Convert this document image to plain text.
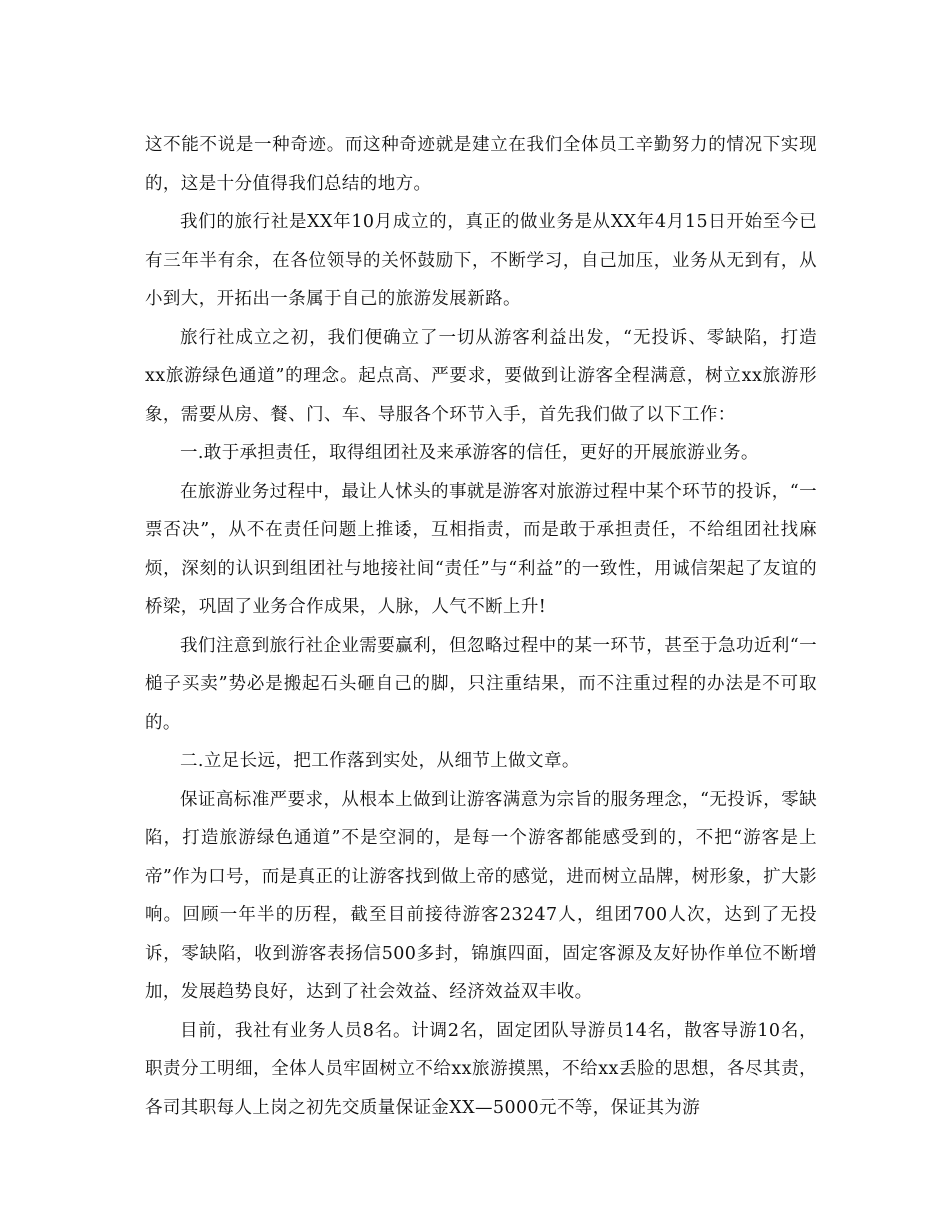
这不能不说是一种奇迹。而这种奇迹就是建立在我们全体员工辛勤努力的情况下实现的，这是十分值得我们总结的地方。

我们的旅行社是XX年10月成立的，真正的做业务是从XX年4月15日开始至今已有三年半有余，在各位领导的关怀鼓励下，不断学习，自己加压，业务从无到有，从小到大，开拓出一条属于自己的旅游发展新路。

旅行社成立之初，我们便确立了一切从游客利益出发，“无投诉、零缺陷，打造xx旅游绿色通道”的理念。起点高、严要求，要做到让游客全程满意，树立xx旅游形象，需要从房、餐、门、车、导服各个环节入手，首先我们做了以下工作：

一.敢于承担责任，取得组团社及来承游客的信任，更好的开展旅游业务。

在旅游业务过程中，最让人怵头的事就是游客对旅游过程中某个环节的投诉，“一票否决”，从不在责任问题上推诿，互相指责，而是敢于承担责任，不给组团社找麻烦，深刻的认识到组团社与地接社间“责任”与“利益”的一致性，用诚信架起了友谊的桥梁，巩固了业务合作成果，人脉，人气不断上升!

我们注意到旅行社企业需要赢利，但忽略过程中的某一环节，甚至于急功近利“一槌子买卖”势必是搬起石头砸自己的脚，只注重结果，而不注重过程的办法是不可取的。

二.立足长远，把工作落到实处，从细节上做文章。

保证高标准严要求，从根本上做到让游客满意为宗旨的服务理念，“无投诉，零缺陷，打造旅游绿色通道”不是空洞的，是每一个游客都能感受到的，不把“游客是上帝”作为口号，而是真正的让游客找到做上帝的感觉，进而树立品牌，树形象，扩大影响。回顾一年半的历程，截至目前接待游客23247人，组团700人次，达到了无投诉，零缺陷，收到游客表扬信500多封，锦旗四面，固定客源及友好协作单位不断增加，发展趋势良好，达到了社会效益、经济效益双丰收。

目前，我社有业务人员8名。计调2名，固定团队导游员14名，散客导游10名，职责分工明细，全体人员牢固树立不给xx旅游摸黑，不给xx丢脸的思想，各尽其责，各司其职每人上岗之初先交质量保证金XX—5000元不等，保证其为游
